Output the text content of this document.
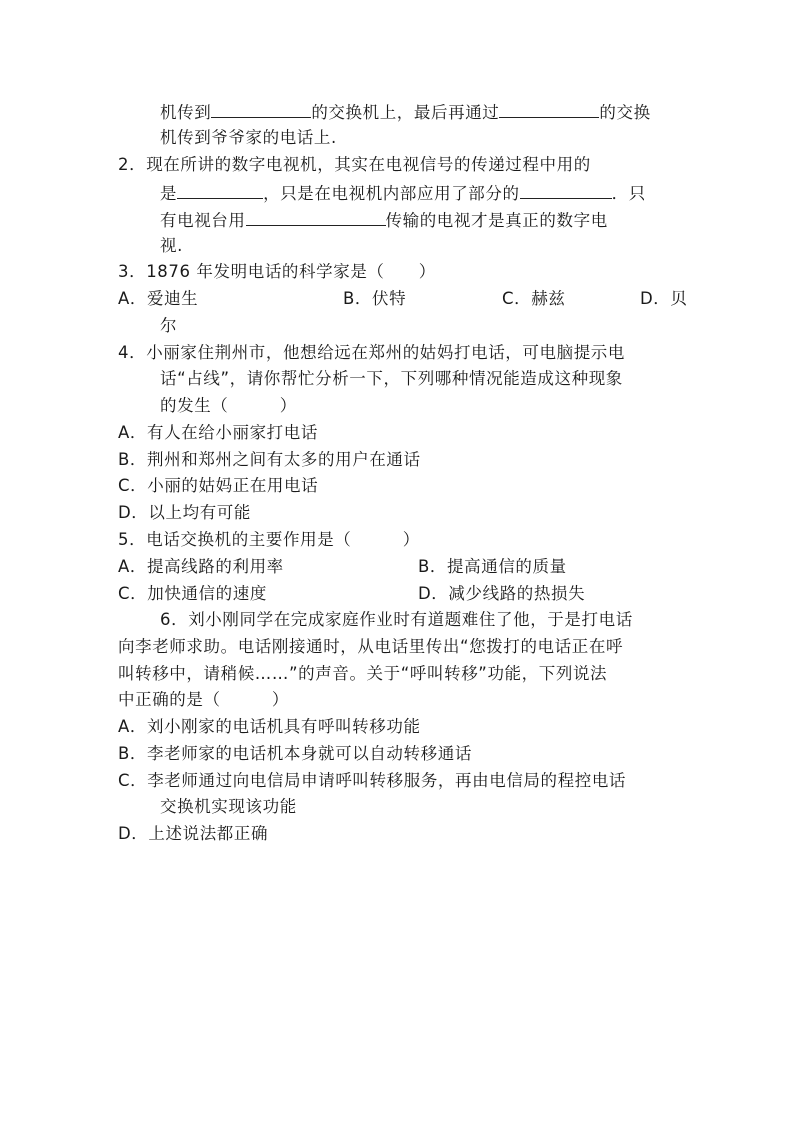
机传到	的交换机上，最后再通过	的交换
机传到爷爷家的电话上.
2．现在所讲的数字电视机，其实在电视信号的传递过程中用的
是	，只是在电视机内部应用了部分的	．只
有电视台用	传输的电视才是真正的数字电
视.
3．1876 年发明电话的科学家是（　　）
A．爱迪生	B．伏特	C．赫兹	D．贝
尔
4．小丽家住荆州市，他想给远在郑州的姑妈打电话，可电脑提示电
话“占线”，请你帮忙分析一下，下列哪种情况能造成这种现象
的发生（　　　）
A．有人在给小丽家打电话
B．荆州和郑州之间有太多的用户在通话
C．小丽的姑妈正在用电话
D．以上均有可能
5．电话交换机的主要作用是（　　　）
A．提高线路的利用率	B．提高通信的质量
C．加快通信的速度	D．减少线路的热损失
6．刘小刚同学在完成家庭作业时有道题难住了他，于是打电话
向李老师求助。电话刚接通时，从电话里传出“您拨打的电话正在呼
叫转移中，请稍候……”的声音。关于“呼叫转移”功能，下列说法
中正确的是（　　　）
A．刘小刚家的电话机具有呼叫转移功能
B．李老师家的电话机本身就可以自动转移通话
C．李老师通过向电信局申请呼叫转移服务，再由电信局的程控电话
交换机实现该功能
D．上述说法都正确
